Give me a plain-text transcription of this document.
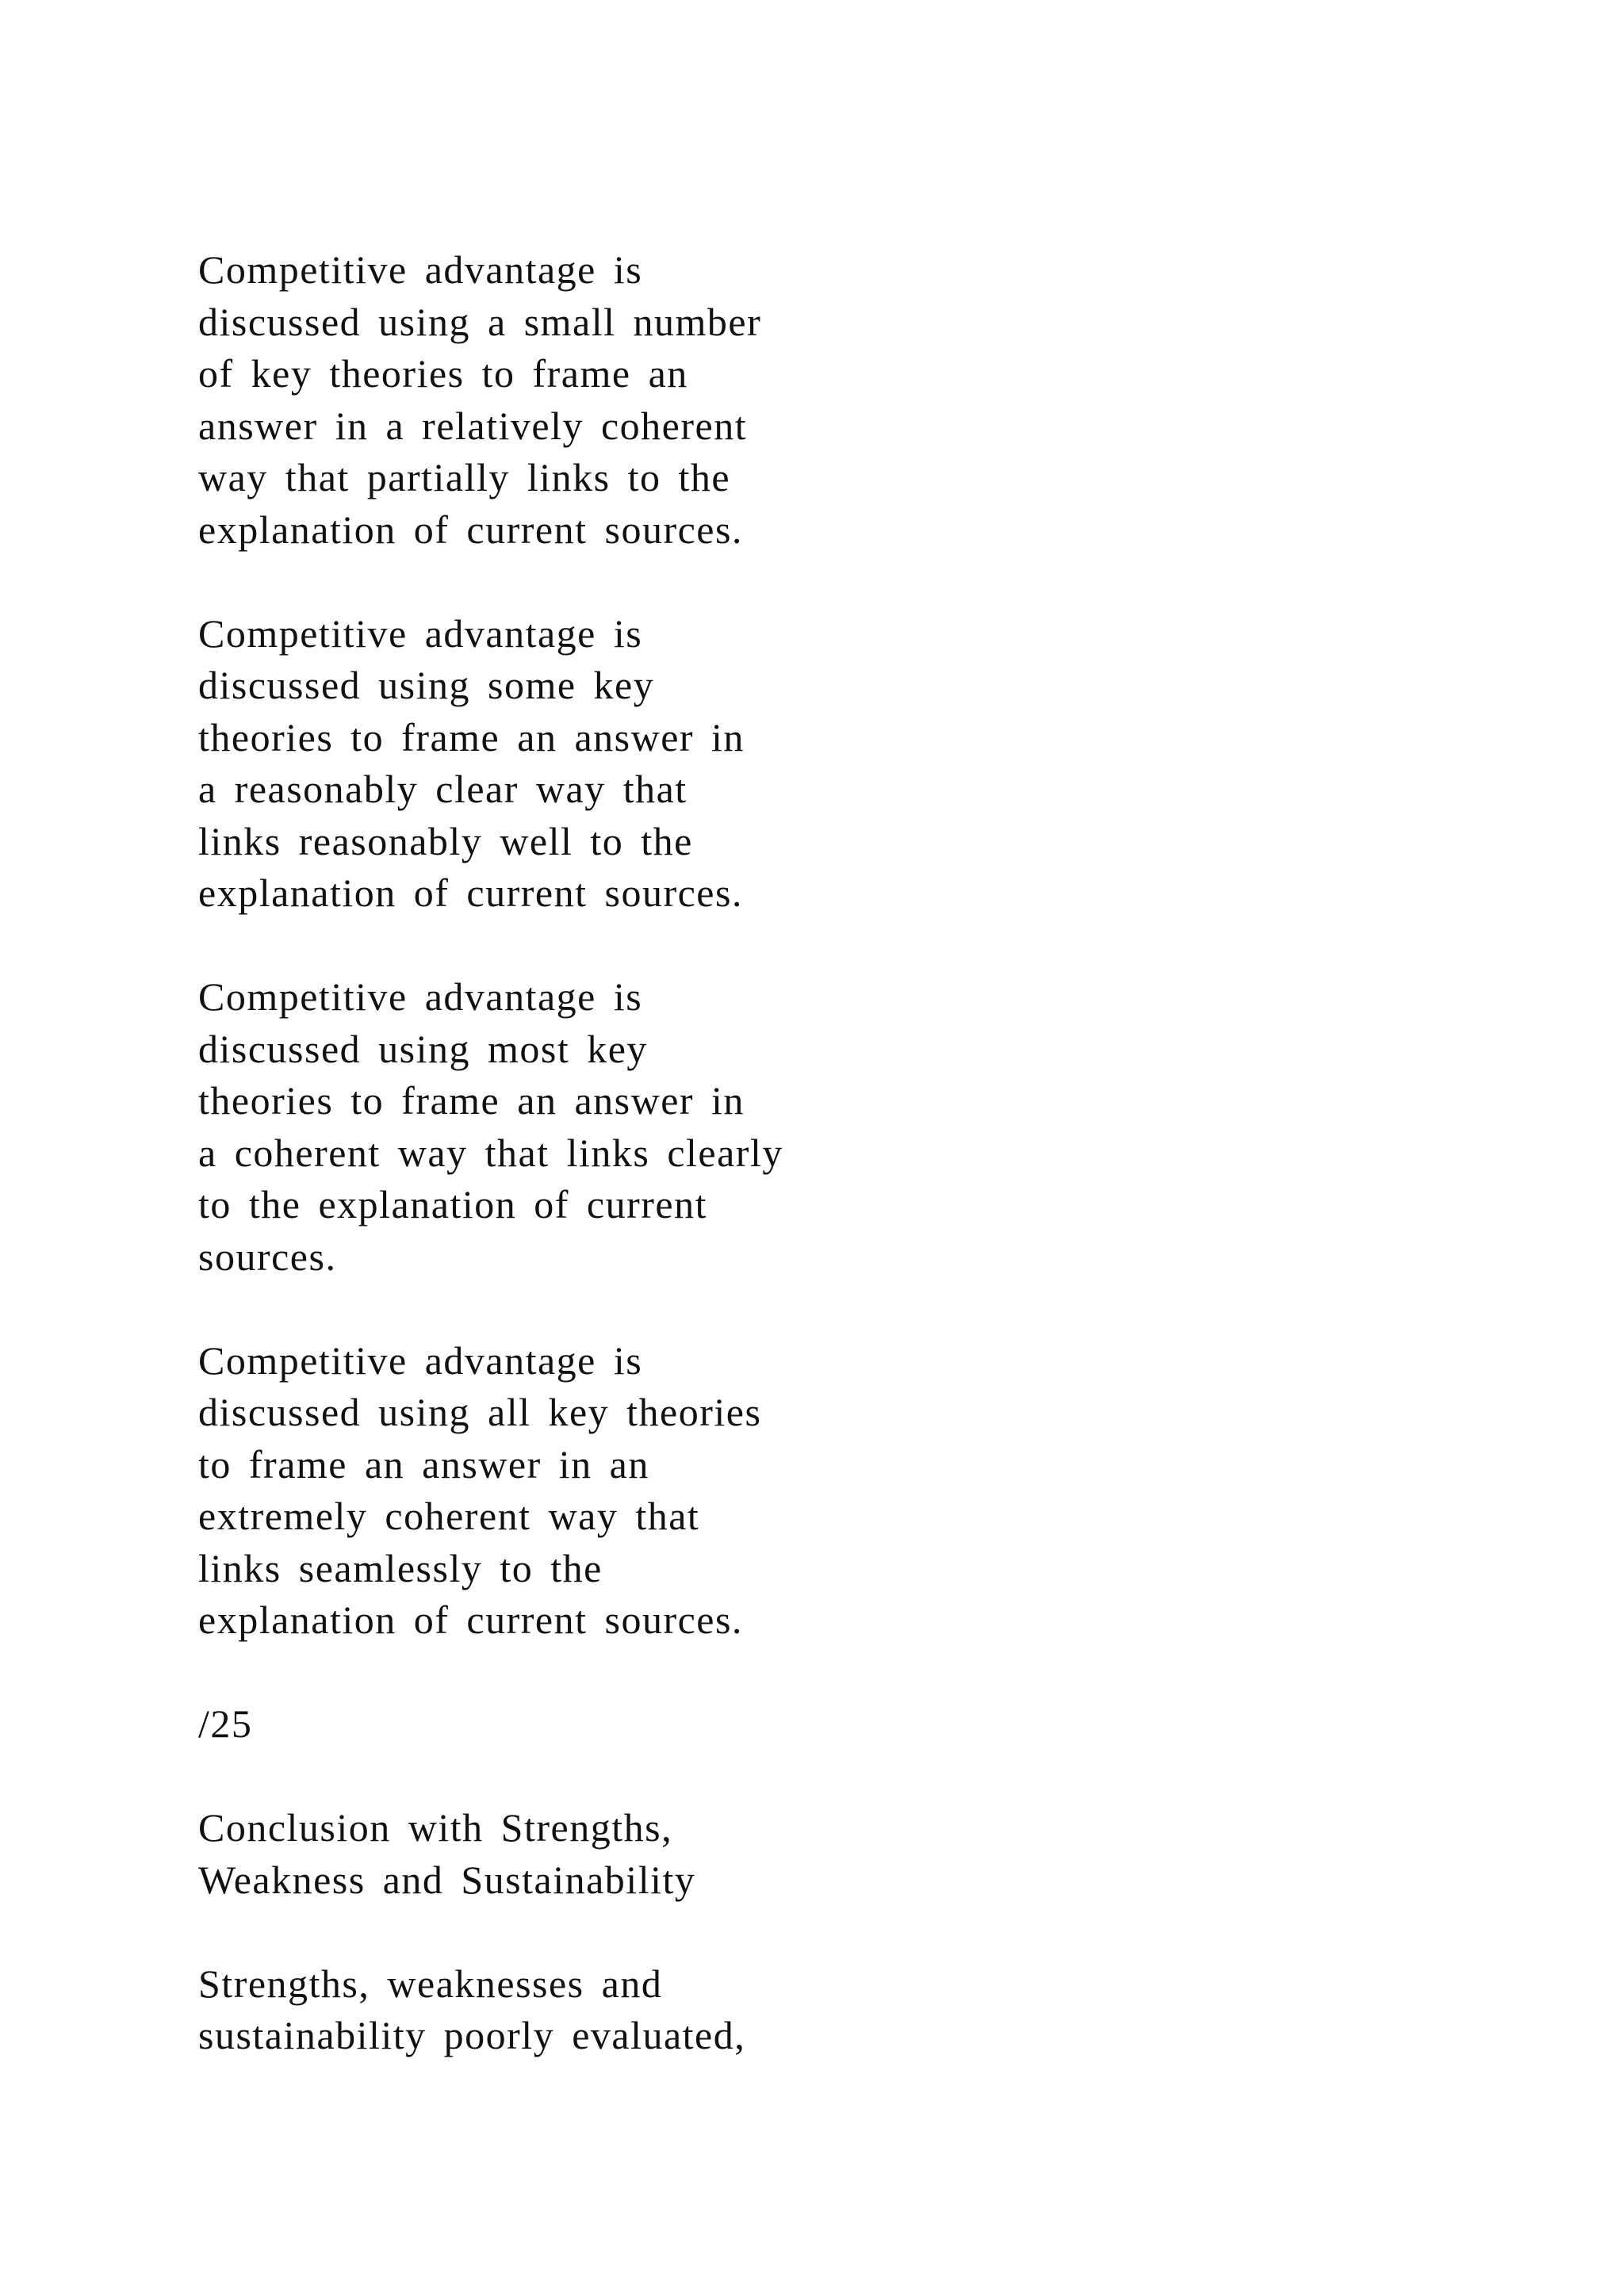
Competitive advantage is
discussed using a small number
of key theories to frame an
answer in a relatively coherent
way that partially links to the
explanation of current sources.

Competitive advantage is
discussed using some key
theories to frame an answer in
a reasonably clear way that
links reasonably well to the
explanation of current sources.

Competitive advantage is
discussed using most key
theories to frame an answer in
a coherent way that links clearly
to the explanation of current
sources.

Competitive advantage is
discussed using all key theories
to frame an answer in an
extremely coherent way that
links seamlessly to the
explanation of current sources.

/25

Conclusion with Strengths,
Weakness and Sustainability

Strengths, weaknesses and
sustainability poorly evaluated,
